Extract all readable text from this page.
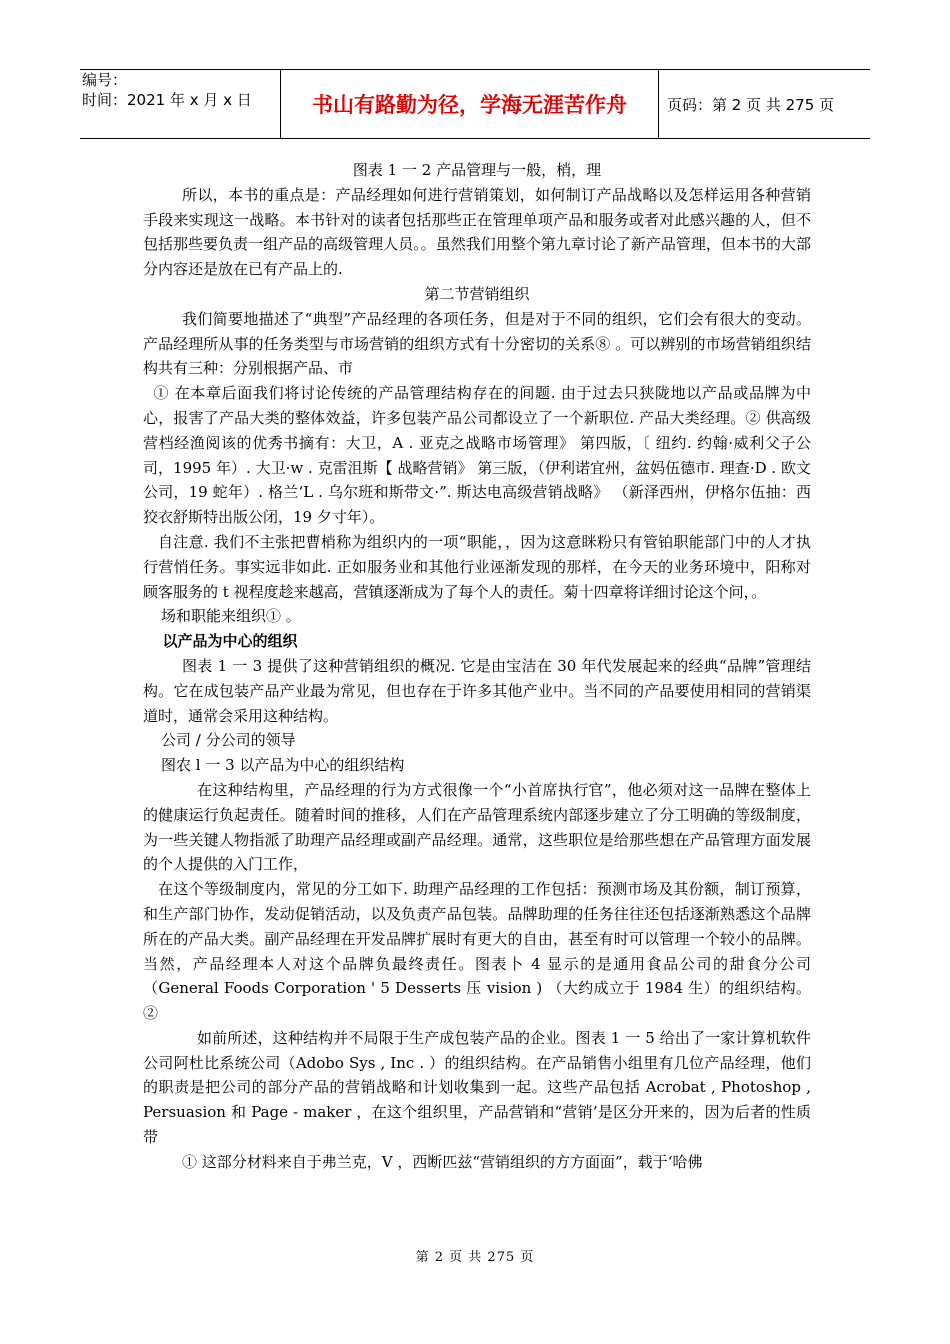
编号：
时间：2021 年 x 月 x 日	书山有路勤为径，学海无涯苦作舟	页码：第 2 页 共 275 页

图表 1 一 2 产品管理与一般，梢，理

所以，本书的重点是：产品经理如何进行营销策划，如何制订产品战略以及怎样运用各种营销手段来实现这一战略。本书针对的读者包括那些正在管理单项产品和服务或者对此感兴趣的人，但不包括那些要负责一组产品的高级管理人员。。虽然我们用整个第九章讨论了新产品管理，但本书的大部分内容还是放在已有产品上的.

第二节营销组织

我们简要地描述了“典型”产品经理的各项任务，但是对于不同的组织，它们会有很大的变动。产品经理所从事的任务类型与市场营销的组织方式有十分密切的关系⑧ 。可以辨别的市场营销组织结构共有三种：分别根据产品、市

① 在本章后面我们将讨论传统的产品管理结构存在的间题. 由于过去只狭陇地以产品或品牌为中心，报害了产品大类的整体效益，许多包装产品公司都设立了一个新职位. 产品大类经理。② 供高级营档经渔阅该的优秀书摘有：大卫，A . 亚克之战略市场管理》 第四版，〔 纽约. 约翰·威利父子公司，1995 年）. 大卫·w . 克雷沮斯【 战略营销》 第三版，（伊利诺宜州，盆妈伍德市. 理查·D . 欧文公司，19 蛇年）. 格兰‘L . 乌尔班和斯带文·”. 斯达电高级营销战略》 （新泽西州，伊格尔伍抽：西狡衣舒斯特出版公闭，19 夕寸年）。

自注意. 我们不主张把曹梢称为组织内的一项“职能，，因为这意眯粉只有管铂职能部门中的人才执行营悄任务。事实远非如此. 正如服务业和其他行业诬渐发现的那样，在今天的业务环境中，阳称对顾客服务的 t 视程度趁来越高，营镇逐渐成为了每个人的责任。菊十四章将详细讨论这个问，。

场和职能来组织① 。

以产品为中心的组织

图表 1 一 3 提供了这种营销组织的概况. 它是由宝洁在 30 年代发展起来的经典“品牌”管理结构。它在成包装产品产业最为常见，但也存在于许多其他产业中。当不同的产品要使用相同的营销渠道时，通常会采用这种结构。

公司 / 分公司的领导

图农 l 一 3 以产品为中心的组织结构

在这种结构里，产品经理的行为方式很像一个“小首席执行官”，他必须对这一品牌在整体上的健康运行负起责任。随着时间的推移，人们在产品管理系统内部逐步建立了分工明确的等级制度，为一些关键人物指派了助理产品经理或副产品经理。通常，这些职位是给那些想在产品管理方面发展的个人提供的入门工作，

在这个等级制度内，常见的分工如下. 助理产品经理的工作包括：预测市场及其份额，制订预算，和生产部门协作，发动促销活动，以及负责产品包装。品牌助理的任务往往还包括逐渐熟悉这个品牌所在的产品大类。副产品经理在开发品牌扩展时有更大的自由，甚至有时可以管理一个较小的品牌。当然，产品经理本人对这个品牌负最终责任。图表卜 4 显示的是通用食品公司的甜食分公司（General Foods Corporation ' 5 Desserts 压 vision ) （大约成立于 1984 生）的组织结构。②

如前所述，这种结构并不局限于生产成包装产品的企业。图表 1 一 5 给出了一家计算机软件公司阿杜比系统公司（Adobo Sys , Inc . ）的组织结构。在产品销售小组里有几位产品经理，他们的职责是把公司的部分产品的营销战略和计划收集到一起。这些产品包括 Acrobat , Photoshop , Persuasion 和 Page - maker ，在这个组织里，产品营销和“营销’是区分开来的，因为后者的性质带

① 这部分材料来自于弗兰克，V ，西断匹兹“营销组织的方方面面”，载于‘哈佛

第 2 页 共 275 页
